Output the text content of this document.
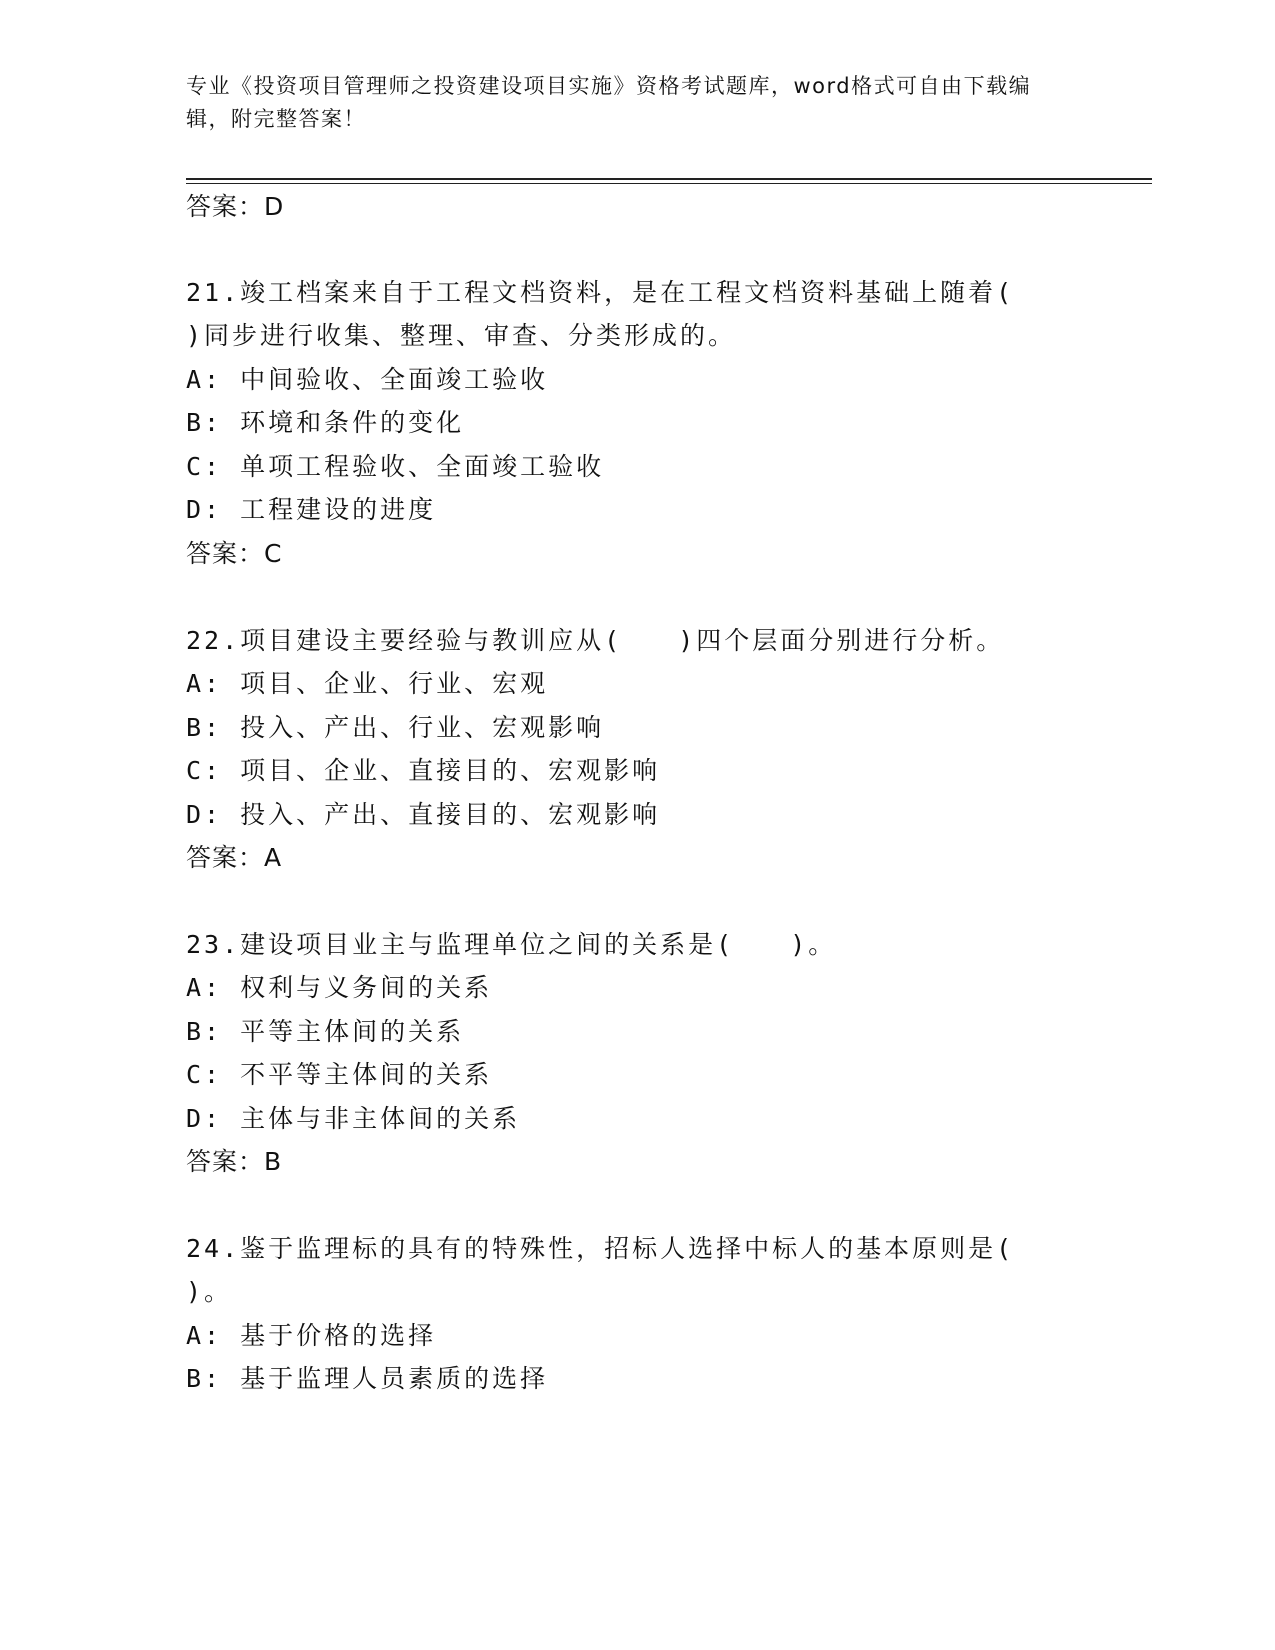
专业《投资项目管理师之投资建设项目实施》资格考试题库，word格式可自由下载编辑，附完整答案！
答案：D
21.竣工档案来自于工程文档资料，是在工程文档资料基础上随着(
)同步进行收集、整理、审查、分类形成的。
A: 中间验收、全面竣工验收
B: 环境和条件的变化
C: 单项工程验收、全面竣工验收
D: 工程建设的进度
答案：C
22.项目建设主要经验与教训应从(　　)四个层面分别进行分析。
A: 项目、企业、行业、宏观
B: 投入、产出、行业、宏观影响
C: 项目、企业、直接目的、宏观影响
D: 投入、产出、直接目的、宏观影响
答案：A
23.建设项目业主与监理单位之间的关系是(　　)。
A: 权利与义务间的关系
B: 平等主体间的关系
C: 不平等主体间的关系
D: 主体与非主体间的关系
答案：B
24.鉴于监理标的具有的特殊性，招标人选择中标人的基本原则是(
)。
A: 基于价格的选择
B: 基于监理人员素质的选择
